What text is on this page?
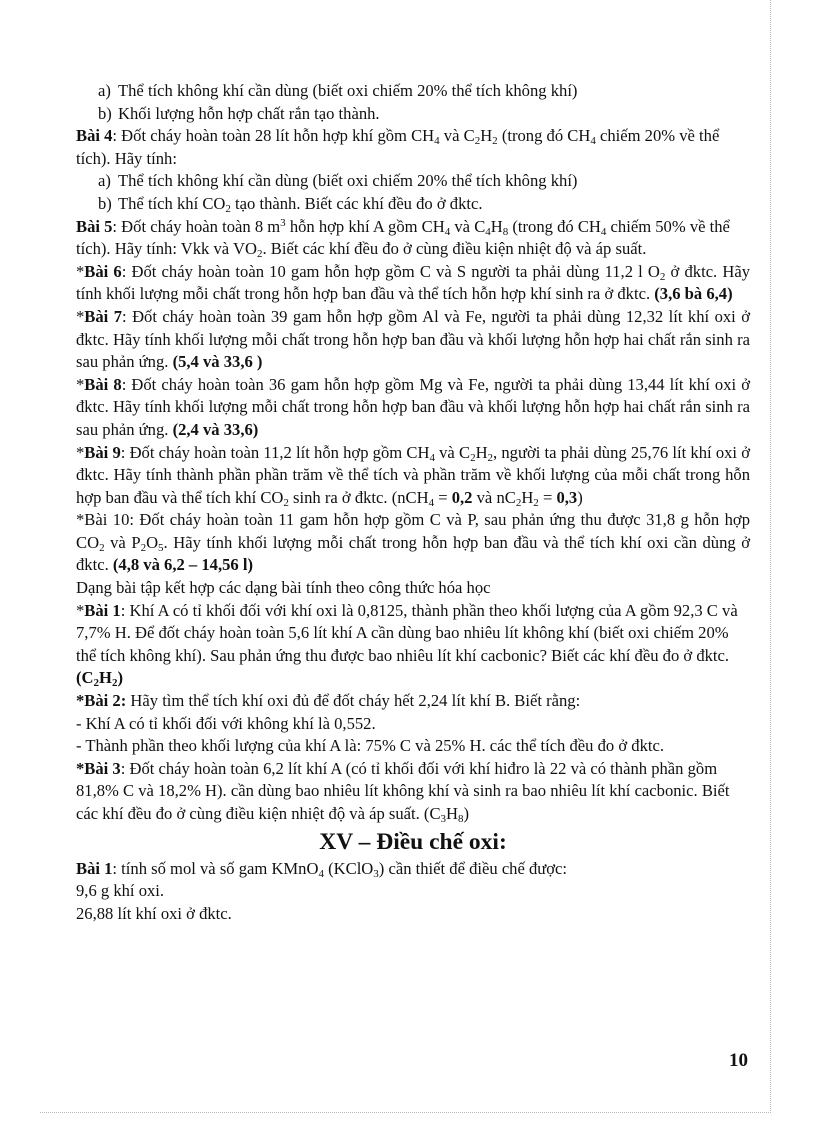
a) Thể tích không khí cần dùng (biết oxi chiếm 20% thể tích không khí)

b) Khối lượng hỗn hợp chất rắn tạo thành.

Bài 4: Đốt cháy hoàn toàn 28 lít hỗn hợp khí gồm $CH_4$ và $C_2H_2$ (trong đó $CH_4$ chiếm 20% về thể tích). Hãy tính:

a) Thể tích không khí cần dùng (biết oxi chiếm 20% thể tích không khí)

b) Thể tích khí $CO_2$ tạo thành. Biết các khí đều đo ở đktc.

Bài 5: Đốt cháy hoàn toàn 8 $m^3$ hỗn hợp khí A gồm $CH_4$ và $C_4H_8$ (trong đó $CH_4$ chiếm 50% về thể tích). Hãy tính: Vkk và $VO_2$. Biết các khí đều đo ở cùng điều kiện nhiệt độ và áp suất.

*Bài 6: Đốt cháy hoàn toàn 10 gam hỗn hợp gồm C và S người ta phải dùng 11,2 l $O_2$ ở đktc. Hãy tính khối lượng mỗi chất trong hỗn hợp ban đầu và thể tích hỗn hợp khí sinh ra ở đktc. (3,6 bà 6,4)

*Bài 7: Đốt cháy hoàn toàn 39 gam hỗn hợp gồm Al và Fe, người ta phải dùng 12,32 lít khí oxi ở đktc. Hãy tính khối lượng mỗi chất trong hỗn hợp ban đầu và khối lượng hỗn hợp hai chất rắn sinh ra sau phản ứng. (5,4 và 33,6 )

*Bài 8: Đốt cháy hoàn toàn 36 gam hỗn hợp gồm Mg và Fe, người ta phải dùng 13,44 lít khí oxi ở đktc. Hãy tính khối lượng mỗi chất trong hỗn hợp ban đầu và khối lượng hỗn hợp hai chất rắn sinh ra sau phản ứng. (2,4 và 33,6)

*Bài 9: Đốt cháy hoàn toàn 11,2 lít hỗn hợp gồm $CH_4$ và $C_2H_2$, người ta phải dùng 25,76 lít khí oxi ở đktc. Hãy tính thành phần phần trăm về thể tích và phần trăm về khối lượng của mỗi chất trong hỗn hợp ban đầu và thể tích khí $CO_2$ sinh ra ở đktc. (nCH$_4$ = 0,2 và $nC_2H_2 = 0,3$)

*Bài 10: Đốt cháy hoàn toàn 11 gam hỗn hợp gồm C và P, sau phản ứng thu được 31,8 g hỗn hợp $CO_2$ và $P_2O_5$. Hãy tính khối lượng mỗi chất trong hỗn hợp ban đầu và thể tích khí oxi cần dùng ở đktc. (4,8 và 6,2 – 14,56 l)

Dạng bài tập kết hợp các dạng bài tính theo công thức hóa học

*Bài 1: Khí A có tỉ khối đối với khí oxi là 0,8125, thành phần theo khối lượng của A gồm 92,3 C và 7,7% H. Để đốt cháy hoàn toàn 5,6 lít khí A cần dùng bao nhiêu lít không khí (biết oxi chiếm 20% thể tích không khí). Sau phản ứng thu được bao nhiêu lít khí cacbonic? Biết các khí đều đo ở đktc. $(C_2H_2)$

*Bài 2: Hãy tìm thể tích khí oxi đủ để đốt cháy hết 2,24 lít khí B. Biết rằng:

- Khí A có tỉ khối đối với không khí là 0,552.

- Thành phần theo khối lượng của khí A là: 75% C và 25% H. các thể tích đều đo ở đktc.

*Bài 3: Đốt cháy hoàn toàn 6,2 lít khí A (có tỉ khối đối với khí hiđro là 22 và có thành phần gồm 81,8% C và 18,2% H). cần dùng bao nhiêu lít không khí và sinh ra bao nhiêu lít khí cacbonic. Biết các khí đều đo ở cùng điều kiện nhiệt độ và áp suất. $(C_3H_8)$

XV – Điều chế oxi:

Bài 1: tính số mol và số gam KMnO$_4$ (KClO$_3$) cần thiết để điều chế được:

9,6 g khí oxi.

26,88 lít khí oxi ở đktc.

10
